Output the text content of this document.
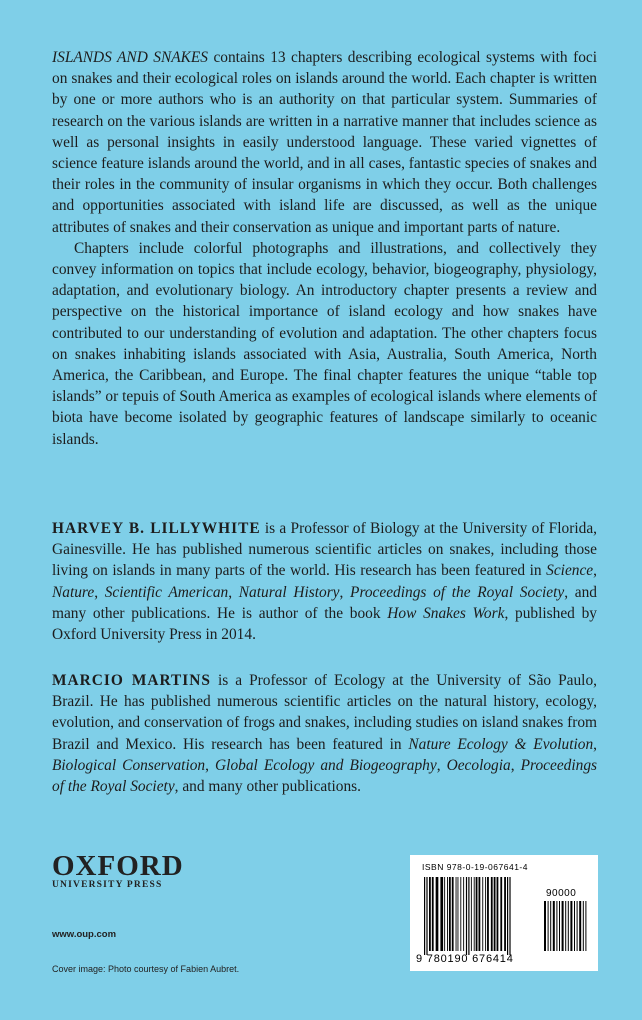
ISLANDS AND SNAKES contains 13 chapters describing ecological systems with foci on snakes and their ecological roles on islands around the world. Each chapter is written by one or more authors who is an authority on that particular system. Summaries of research on the various islands are written in a narrative manner that includes science as well as personal insights in easily understood language. These varied vignettes of science feature islands around the world, and in all cases, fantastic species of snakes and their roles in the community of insular organisms in which they occur. Both challenges and opportunities associated with island life are discussed, as well as the unique attributes of snakes and their conservation as unique and important parts of nature.

Chapters include colorful photographs and illustrations, and collectively they convey information on topics that include ecology, behavior, biogeography, physiology, adaptation, and evolutionary biology. An introductory chapter presents a review and perspective on the historical importance of island ecology and how snakes have contributed to our understanding of evolution and adaptation. The other chapters focus on snakes inhabiting islands associated with Asia, Australia, South America, North America, the Caribbean, and Europe. The final chapter features the unique “table top islands” or tepuis of South America as examples of ecological islands where elements of biota have become isolated by geographic features of landscape similarly to oceanic islands.

HARVEY B. LILLYWHITE is a Professor of Biology at the University of Florida, Gainesville. He has published numerous scientific articles on snakes, including those living on islands in many parts of the world. His research has been featured in Science, Nature, Scientific American, Natural History, Proceedings of the Royal Society, and many other publications. He is author of the book How Snakes Work, published by Oxford University Press in 2014.

MARCIO MARTINS is a Professor of Ecology at the University of São Paulo, Brazil. He has published numerous scientific articles on the natural history, ecology, evolution, and conservation of frogs and snakes, including studies on island snakes from Brazil and Mexico. His research has been featured in Nature Ecology & Evolution, Biological Conservation, Global Ecology and Biogeography, Oecologia, Proceedings of the Royal Society, and many other publications.

OXFORD
UNIVERSITY PRESS
www.oup.com
Cover image: Photo courtesy of Fabien Aubret.
ISBN 978-0-19-067641-4
90000
9 780190 676414
